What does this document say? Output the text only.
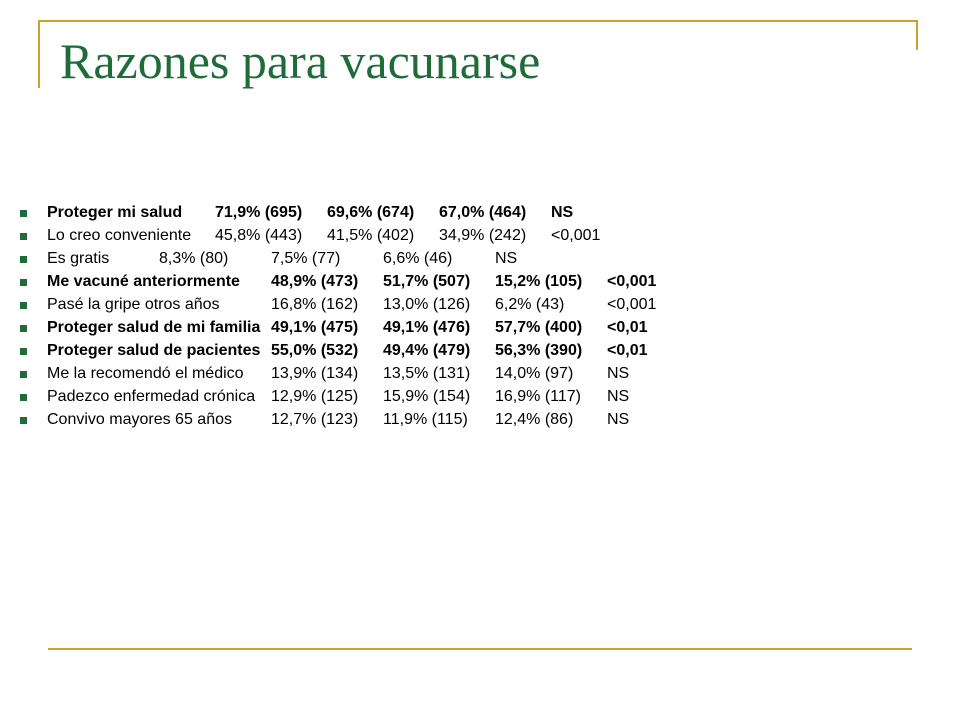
Razones para vacunarse
Proteger mi salud	71,9% (695)	69,6% (674)	67,0% (464)	NS
Lo creo conveniente	45,8% (443)	41,5% (402)	34,9% (242)	<0,001
Es gratis	8,3% (80)	7,5% (77)	6,6% (46)	NS
Me vacuné anteriormente	48,9% (473)	51,7% (507)	15,2% (105)	<0,001
Pasé la gripe otros años	16,8% (162)	13,0% (126)	6,2% (43)	<0,001
Proteger salud de mi familia	49,1% (475)	49,1% (476)	57,7% (400)	<0,01
Proteger salud de pacientes	55,0% (532)	49,4% (479)	56,3% (390)	<0,01
Me la recomendó el médico	13,9% (134)	13,5% (131)	14,0% (97)	NS
Padezco enfermedad crónica	12,9% (125)	15,9% (154)	16,9% (117)	NS
Convivo mayores 65 años	12,7% (123)	11,9% (115)	12,4% (86)	NS
